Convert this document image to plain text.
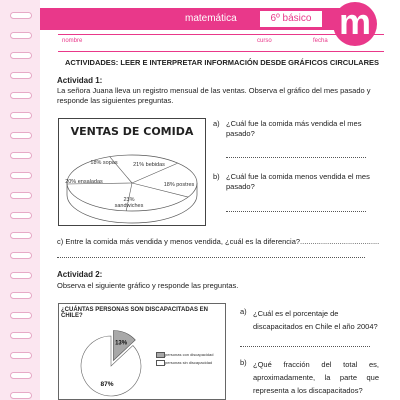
matemática	6º básico m
nombre	curso	fecha
ACTIVIDADES: LEER E INTERPRETAR INFORMACIÓN DESDE GRÁFICOS CIRCULARES
Actividad 1:
La señora Juana lleva un registro mensual de las ventas. Observa el gráfico del mes pasado y responde las siguientes preguntas.
VENTAS DE COMIDA
18% sopas	21% bebidas
18% postres
20% ensaladas
23%
sandwiches
a) ¿Cuál fue la comida más vendida el mes pasado?
b) ¿Cuál fue la comida menos vendida el mes pasado?
c) Entre la comida más vendida y menos vendida, ¿cuál es la diferencia?......................................
Actividad 2:
Observa el siguiente gráfico y responde las preguntas.
¿CUÁNTAS PERSONAS SON DISCAPACITADAS EN CHILE?
13%
87%
personas con discapacidad
personas sin discapacidad
a) ¿Cuál es el porcentaje de discapacitados en Chile el año 2004?
b) ¿Qué fracción del total es, aproximadamente, la parte que representa a los discapacitados?
